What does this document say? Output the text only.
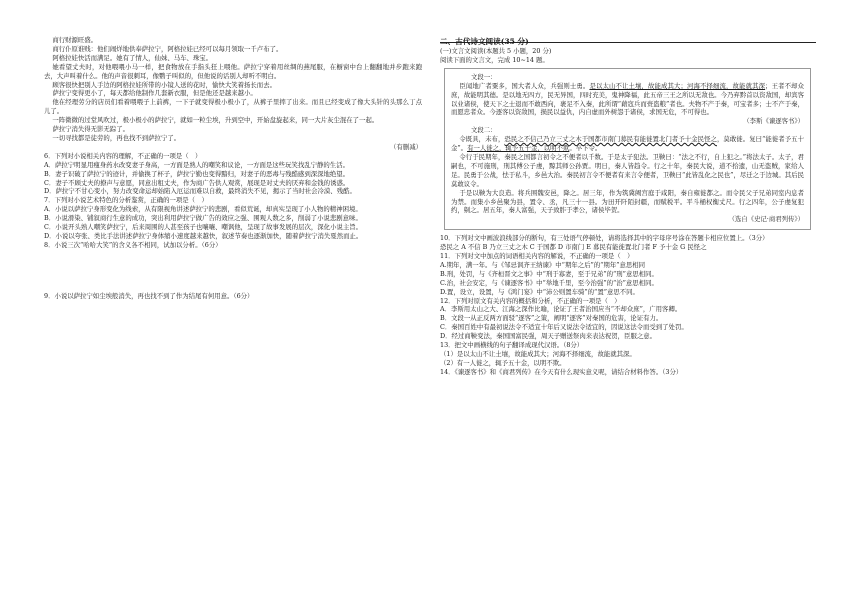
商行财源旺盛。

商行仆原谁贱：他们闹烊地供奉萨拉宁，阿格拉娃已经可以每月领取一千卢布了。

阿格拉娃快活而满足。她有了情人，仙妹、马车、珠宝。

她看望丈夫时，对他喂喂小马一样，把食物放在手指头狂上喂他。萨拉宁穿着用丝绸的燕尾服，在橱窗中台上翻翻地并步跑来跑去，大声叫着什么。他的声音很刺耳，像鹦子叫似的，但他说的话别人却听不明白。

顾客很快把别人手边的阿格拉娃所带的小镜人送的花时，愉快大笑着扬长而去。

萨拉宁变得更小了，每天都给他制作几套新衣服，但是他还是越来越小。

他在经理劳分的店员们看着喂喂子上前裤，一下子就变得极小极小了，从裤子里摔了出来。而且已经变成了像大头针的头那么丁点儿了。

一阵微微的过堂风吹过，极小极小的萨拉宁，就如一粒尘埃，升到空中，开始盘旋起来，同一大片灰尘混在了一起。

萨拉宁消失得无影无踪了。

一切寻找都是徒劳的，再也找不到萨拉宁了。

（有删减）

6．下列对小说相关内容的理解，不正确的一项是（　）

A．萨拉宁明显用瘦身药水改变妻子身高，一方面是熟人的嘲笑和议论，一方面是这些玩笑找乱宁静的生活。

B．妻子识破了萨拉宁的迹计，并偷换了杯子，萨拉宁勤也变得黯归，对妻子的恶毒与残酷感到深深地绝望。

C．妻子不顾丈夫的撩声与意愿，同意出租丈夫，作为商广告供人观赏，展现是对丈夫的厌弃和金钱的诱惑。

D．萨拉宁不甘心变小，努力改变命运却始陷入厄运而难以自救，最终消失不见，揭示了当时社会冷漠、残酷。

7．下列对小说艺术特色的分析鉴赏，正确的一项是（　）

A．小说以萨拉宁身形变化为线索，从有限视角讲述萨拉宁的悲剧，看似荒诞，却真实呈现了小人物的精神困境。

B．小说滑染、铺叙商行生意的成功，突出利用萨拉宁做广告的效应之强、围观人数之多，削弱了小说悲剧意味。

C．小说开头熟人嘲笑萨拉宁，后来周围的人甚至孩子也嚷嚷、嘲讽他，呈现了故事发展的层次，深化小说主旨。

D．小说以夸张、类比手法讲述萨拉宁身体缩小速度越来越快，叙述节奏也逐渐加快，随着萨拉宁消失戛然而止。

8．小说三次“哈哈大笑”的含义各不相同，试加以分析。（6分）

9．小说以萨拉宁如尘埃般消失，再也找不到了作为结尾有何用意。（6分）

二、古代诗文阅读(35 分)

(一)文言文阅读(本题共 5 小题，20 分)

阅读下面的文言文，完成 10~14 题。

文段一：

臣闻地广者粟多，国大者人众，兵强则士勇。是以太山不让土壤，故能成其大；河海不择细流，故能就其深；王者不却众庶，故能明其德。是以地无四方，民无异国，四时充美，鬼神降福，此五帝三王之所以无敌也。今乃弃黔首以资敌国，却宾客以业诸侯，使天下之士退而不敢西向，裹足不入秦，此所谓“藉寇兵而赍盗粮”者也。夫物不产于秦，可宝者多；士不产于秦，而愿忠者众。今逐客以资敌国，损民以益仇，内自虚而外树怨于诸侯，求国无危，不可得也。

（李斯《谏逐客书》）

文段二：

令既具，未布，恐民之不信己乃立三丈之木于国都市南门募民有能徙置北门者予十金民怪之，莫敢徙。复曰“能徙者予五十金”。有一人徙之，辄予五十金，以明不欺。卒下令。

令行于民期年，秦民之国都言初令之不便者以千数。于是太子犯法。卫鞅曰：“法之不行，自上犯之。”将法太子。太子，君嗣也，不可施刑，刑其傅公子虔，黥其师公孙贾。明日，秦人皆趋令。行之十年，秦民大说，道不拾遗，山无盗贼，家给人足。民勇于公战，怯于私斗，乡邑大治。秦民初言令不便者有来言令便者，卫鞅曰“此皆乱化之民也”，尽迁之于边城。其后民莫敢议令。

于是以鞅为大良造。将兵围魏安邑，降之。居三年，作为筑冀阙宫庭于咸阳，秦自雍徙都之。而令民父子兄弟同室内息者为禁。而集小乡邑聚为县，置令、丞，凡三十一县。为田开阡陌封疆，而赋税平。平斗桶权衡丈尺。行之四年，公子虔复犯约，劓之。居五年，秦人富强，天子致胙于孝公，诸侯毕贺。

（选自《史记·商君列传》）

10．下列对文中画波浪线部分的断句，有三处语气停顿处，请将选择其中的字母序号涂在答题卡相应位置上。（3分）

恐民之 A 不信 B 乃立三丈之木 C 于国都 D 市南门 E 募民有能徙置北门者 F 予十金 G 民怪之

11．下列对文中加点的词语相关内容的解说，不正确的一项是（　）

A.期年，满一年。与《邹忌讽齐王纳谏》中“期年之后”的“期年”意思相同

B.刑，处罚，与《齐桓晋文之事》中“刑于寡妻，至于兄弟”的“刑”意思相同。

C.治，社会安定，与《谏逐客书》中“举地千里，至今治强”的“治”意思相同。

D.置，设立，设置，与《鸿门宴》中“沛公则置车骑”的“置”意思不同。

12．下列对原文有关内容的概括和分析，不正确的一项是（　）

A．李斯用太山之大、江海之深作比喻，论证了王者治国应当“不却众庶”，广用客卿。

B．文段一从正反两方面驳“逐客”之策，阐明“逐客”对秦国的危害，论证有力。

C．秦国百姓中有最初说法令不适宜十年后又说法令适宜的，因说这法令而受到了处罚。

D．经过商鞅变法，秦国国富民强，周天子赠送祭肉来表达祝贺，臣服之意。

13．把文中画横线的句子翻译成现代汉语。（8分）

（1）是以太山不让土壤，故能成其大；河海不择细流，故能就其深。

（2）有一人徙之，辄予五十金，以明不欺。

14．《谏逐客书》和《商君列传》在今天有什么现实意义呢，请结合材料作答。（3分）
